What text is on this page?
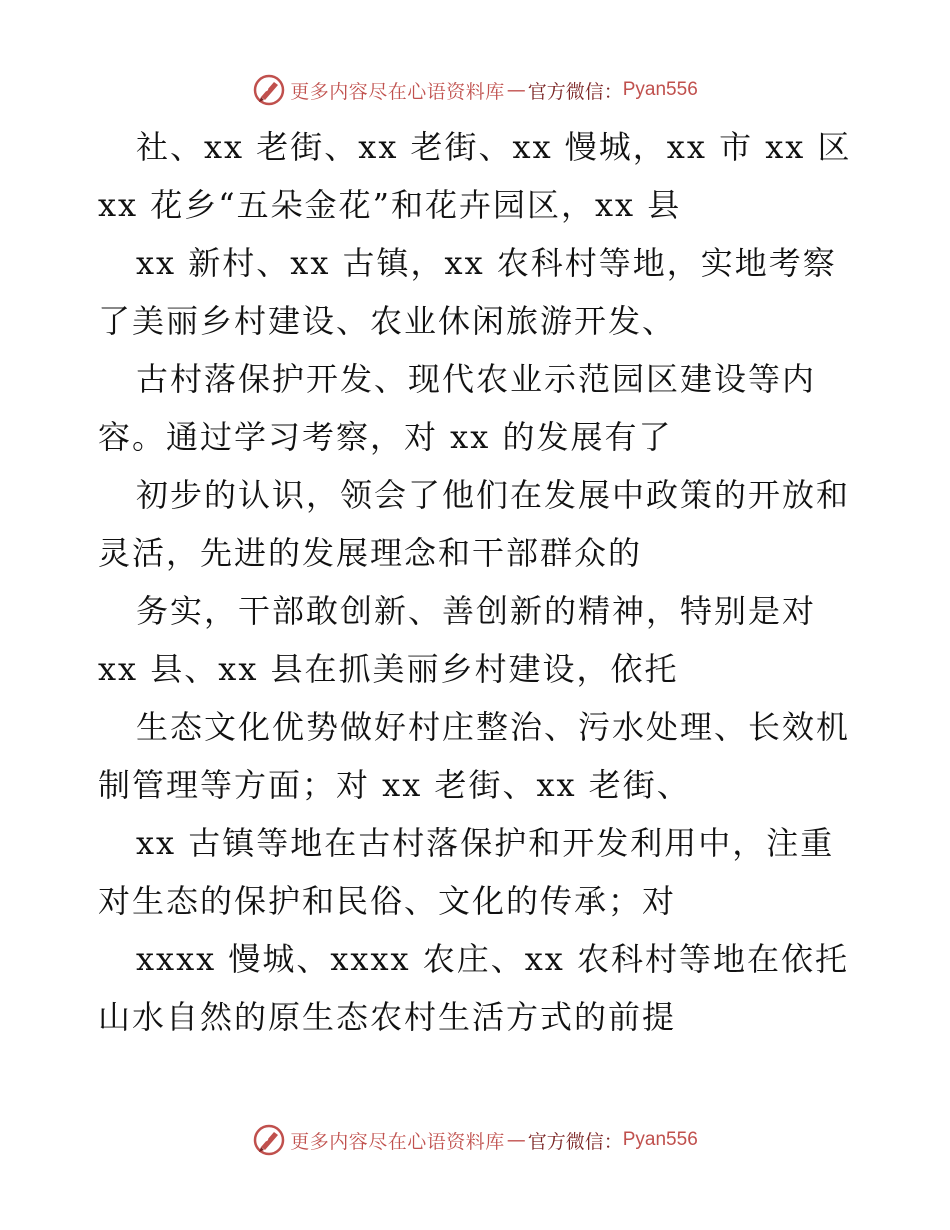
更多内容尽在心语资料库 — 官方微信： Pyan556
社、xx 老街、xx 老街、xx 慢城，xx 市 xx 区
xx 花乡“五朵金花”和花卉园区，xx 县
xx 新村、xx 古镇，xx 农科村等地，实地考察
了美丽乡村建设、农业休闲旅游开发、
古村落保护开发、现代农业示范园区建设等内
容。通过学习考察，对 xx 的发展有了
初步的认识，领会了他们在发展中政策的开放和
灵活，先进的发展理念和干部群众的
务实，干部敢创新、善创新的精神，特别是对
xx 县、xx 县在抓美丽乡村建设，依托
生态文化优势做好村庄整治、污水处理、长效机
制管理等方面；对 xx 老街、xx 老街、
xx 古镇等地在古村落保护和开发利用中，注重
对生态的保护和民俗、文化的传承；对
xxxx 慢城、xxxx 农庄、xx 农科村等地在依托
山水自然的原生态农村生活方式的前提
更多内容尽在心语资料库 — 官方微信： Pyan556
